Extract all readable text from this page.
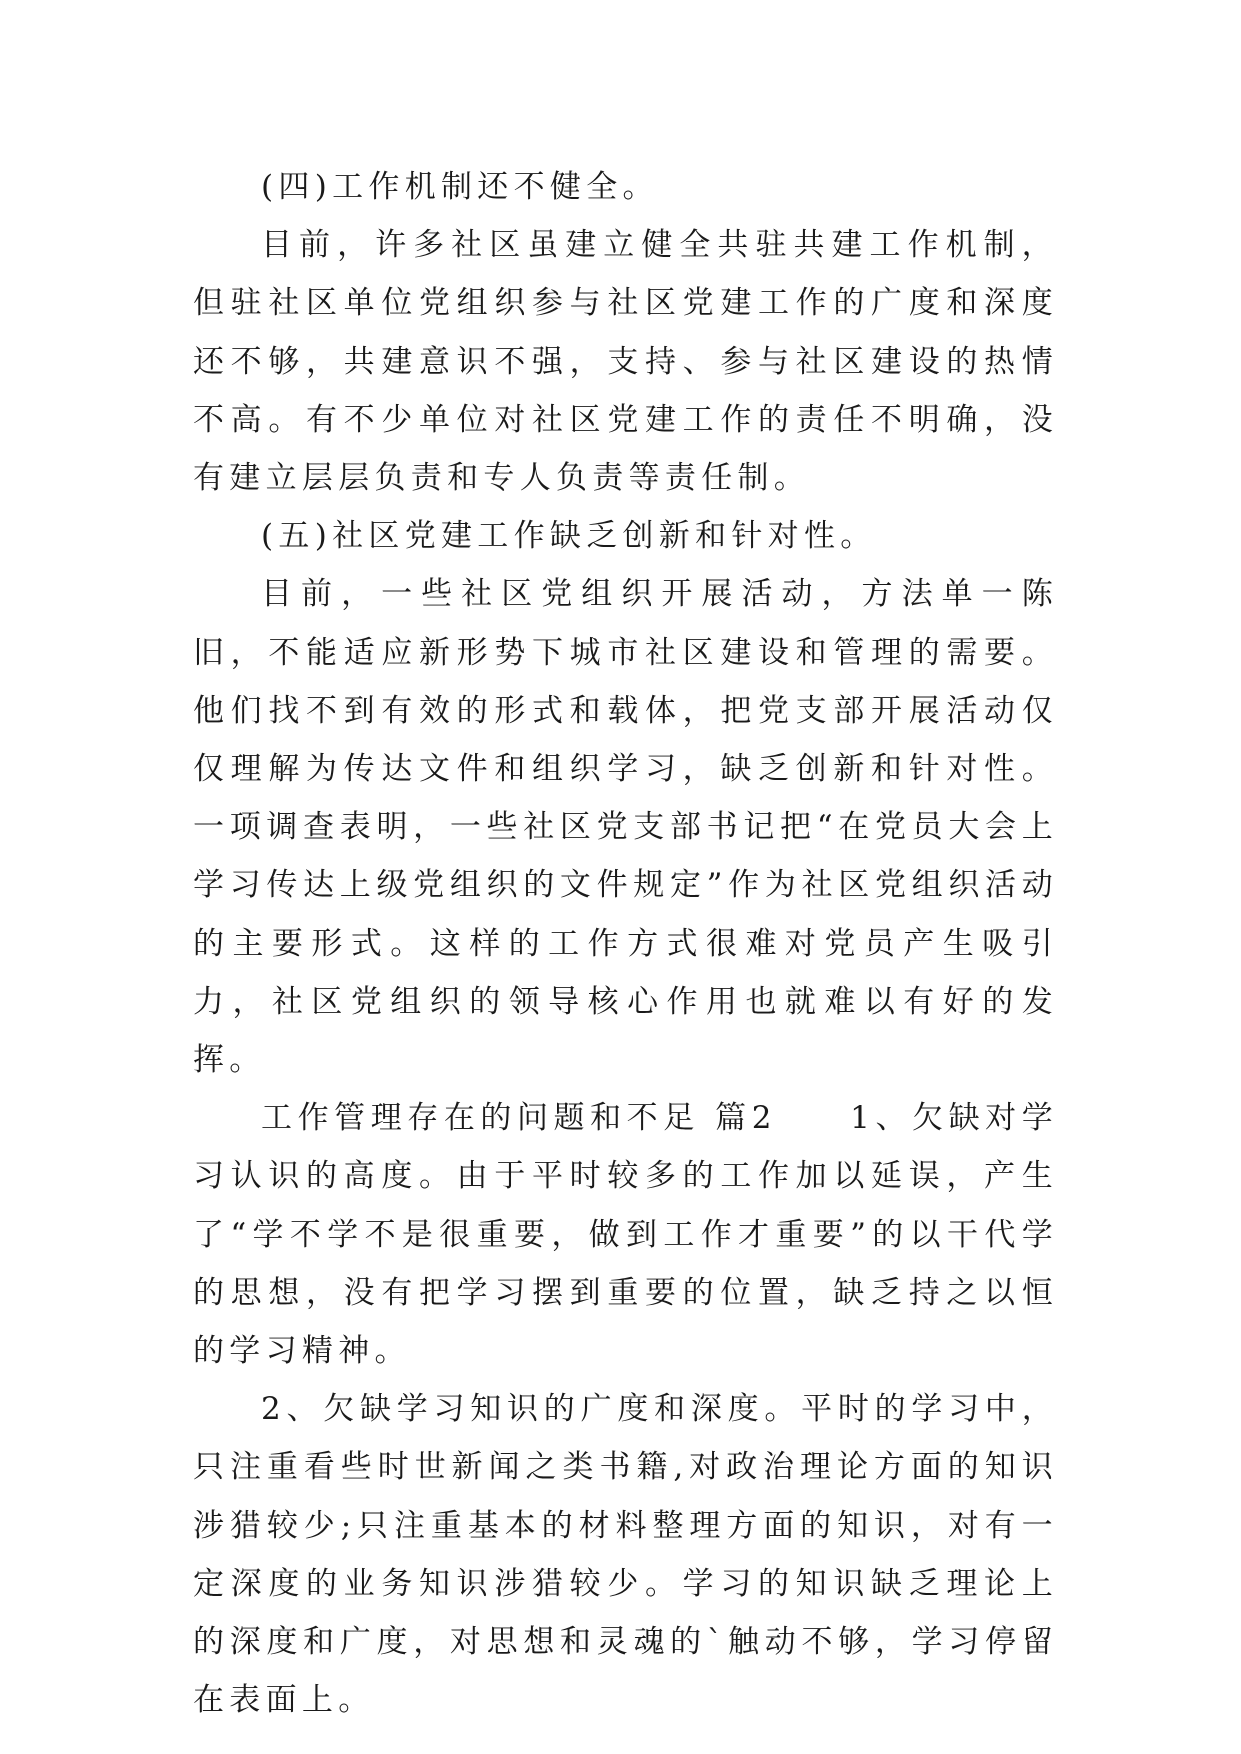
(四)工作机制还不健全。

目前，许多社区虽建立健全共驻共建工作机制，但驻社区单位党组织参与社区党建工作的广度和深度还不够，共建意识不强，支持、参与社区建设的热情不高。有不少单位对社区党建工作的责任不明确，没有建立层层负责和专人负责等责任制。

(五)社区党建工作缺乏创新和针对性。

目前，一些社区党组织开展活动，方法单一陈旧，不能适应新形势下城市社区建设和管理的需要。他们找不到有效的形式和载体，把党支部开展活动仅仅理解为传达文件和组织学习，缺乏创新和针对性。一项调查表明，一些社区党支部书记把“在党员大会上学习传达上级党组织的文件规定”作为社区党组织活动的主要形式。这样的工作方式很难对党员产生吸引力，社区党组织的领导核心作用也就难以有好的发挥。

工作管理存在的问题和不足 篇2　　1、欠缺对学习认识的高度。由于平时较多的工作加以延误，产生了“学不学不是很重要，做到工作才重要”的以干代学的思想，没有把学习摆到重要的位置，缺乏持之以恒的学习精神。

2、欠缺学习知识的广度和深度。平时的学习中，只注重看些时世新闻之类书籍,对政治理论方面的知识涉猎较少;只注重基本的材料整理方面的知识，对有一定深度的业务知识涉猎较少。学习的知识缺乏理论上的深度和广度，对思想和灵魂的`触动不够，学习停留在表面上。
